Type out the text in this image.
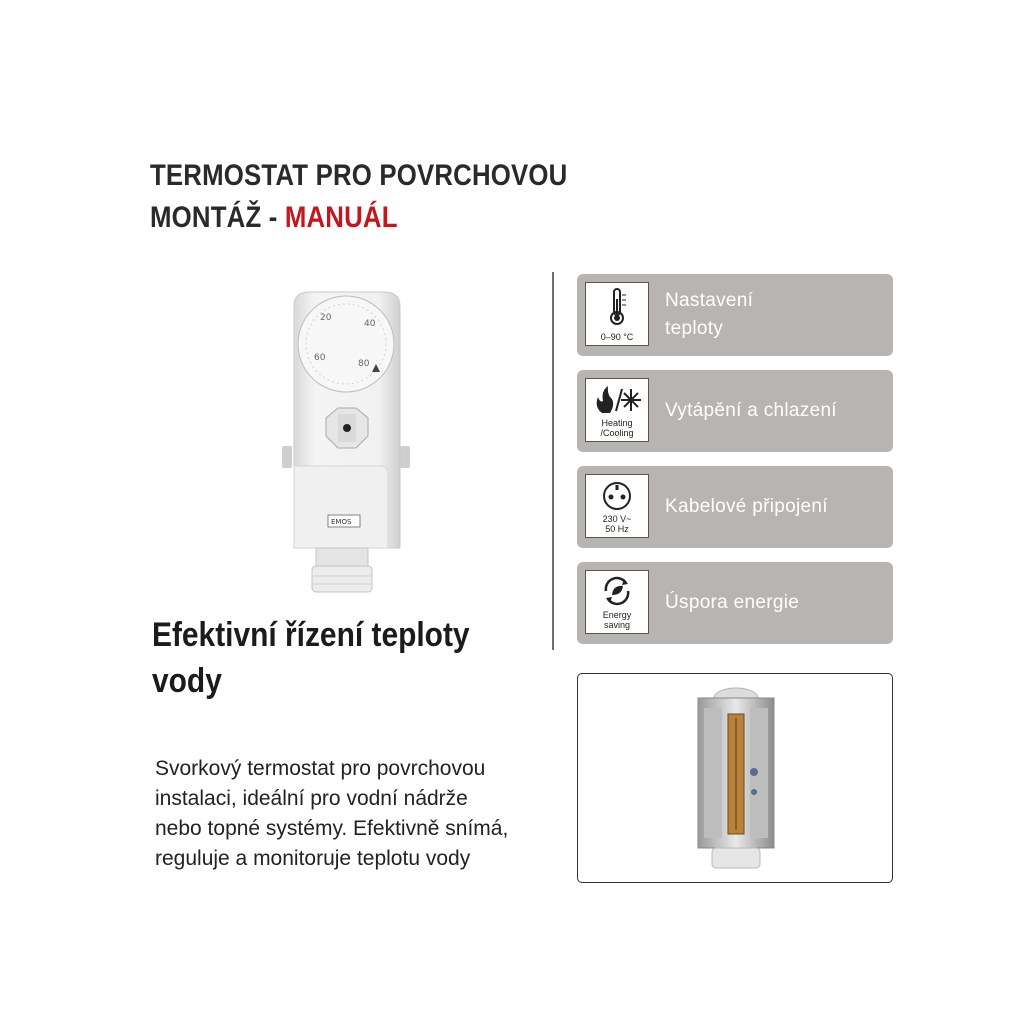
TERMOSTAT PRO POVRCHOVOU
MONTÁŽ - MANUÁL
20
40
60
80
EMOS
Efektivní řízení teploty
vody
Svorkový termostat pro povrchovou
instalaci, ideální pro vodní nádrže
nebo topné systémy. Efektivně snímá,
reguluje a monitoruje teplotu vody
0–90 °C
Nastavení
teploty
Heating
/Cooling
Vytápění a chlazení
230 V~
50 Hz
Kabelové připojení
Energy
saving
Úspora energie
